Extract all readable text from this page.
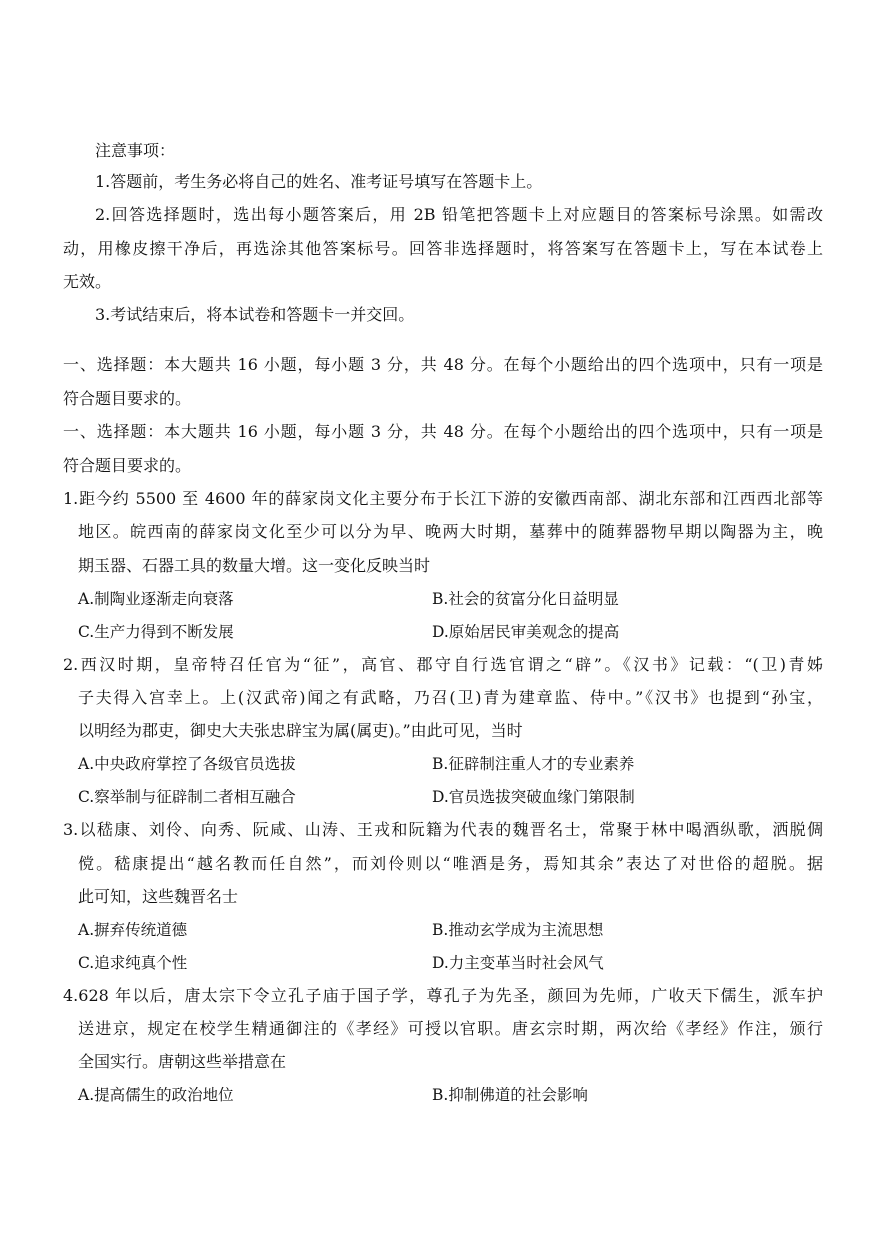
注意事项：
1.答题前，考生务必将自己的姓名、准考证号填写在答题卡上。
2.回答选择题时，选出每小题答案后，用 2B 铅笔把答题卡上对应题目的答案标号涂黑。如需改
动，用橡皮擦干净后，再选涂其他答案标号。回答非选择题时，将答案写在答题卡上，写在本试卷上
无效。
3.考试结束后，将本试卷和答题卡一并交回。
一、选择题：本大题共 16 小题，每小题 3 分，共 48 分。在每个小题给出的四个选项中，只有一项是
符合题目要求的。
一、选择题：本大题共 16 小题，每小题 3 分，共 48 分。在每个小题给出的四个选项中，只有一项是
符合题目要求的。
1.距今约 5500 至 4600 年的薛家岗文化主要分布于长江下游的安徽西南部、湖北东部和江西西北部等
地区。皖西南的薛家岗文化至少可以分为早、晚两大时期，墓葬中的随葬器物早期以陶器为主，晚
期玉器、石器工具的数量大增。这一变化反映当时
A.制陶业逐渐走向衰落	B.社会的贫富分化日益明显
C.生产力得到不断发展	D.原始居民审美观念的提高
2.西汉时期，皇帝特召任官为“征”，高官、郡守自行选官谓之“辟”。《汉书》记载：“(卫)青姊
子夫得入宫幸上。上(汉武帝)闻之有武略，乃召(卫)青为建章监、侍中。”《汉书》也提到“孙宝，
以明经为郡吏，御史大夫张忠辟宝为属(属吏)。”由此可见，当时
A.中央政府掌控了各级官员选拔	B.征辟制注重人才的专业素养
C.察举制与征辟制二者相互融合	D.官员选拔突破血缘门第限制
3.以嵇康、刘伶、向秀、阮咸、山涛、王戎和阮籍为代表的魏晋名士，常聚于林中喝酒纵歌，洒脱倜
傥。嵇康提出“越名教而任自然”，而刘伶则以“唯酒是务，焉知其余”表达了对世俗的超脱。据
此可知，这些魏晋名士
A.摒弃传统道德	B.推动玄学成为主流思想
C.追求纯真个性	D.力主变革当时社会风气
4.628 年以后，唐太宗下令立孔子庙于国子学，尊孔子为先圣，颜回为先师，广收天下儒生，派车护
送进京，规定在校学生精通御注的《孝经》可授以官职。唐玄宗时期，两次给《孝经》作注，颁行
全国实行。唐朝这些举措意在
A.提高儒生的政治地位	B.抑制佛道的社会影响
